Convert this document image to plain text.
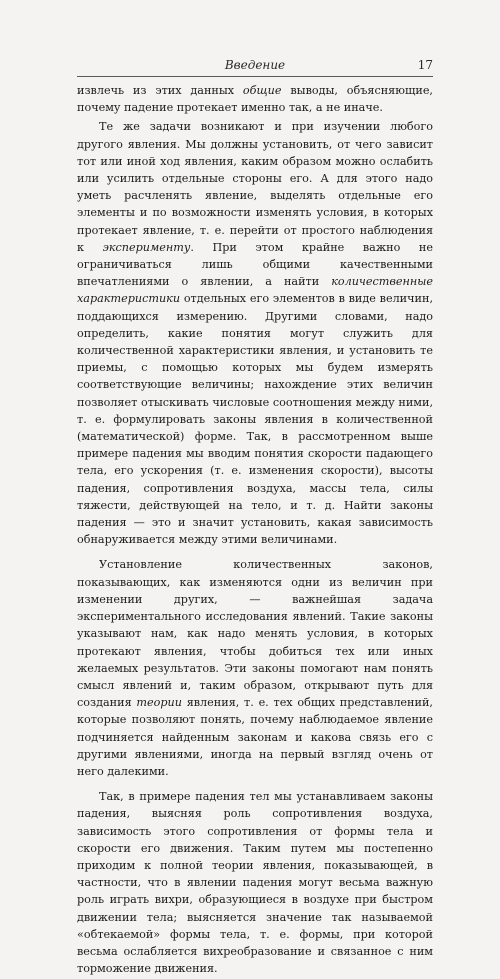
Введение	17

извлечь из этих данных общие выводы, объясняющие, почему падение протекает именно так, а не иначе.

Те же задачи возникают и при изучении любого другого явления. Мы должны установить, от чего зависит тот или иной ход явления, каким образом можно ослабить или усилить отдельные стороны его. А для этого надо уметь расчленять явление, выделять отдельные его элементы и по возможности изменять условия, в которых протекает явление, т. е. перейти от простого наблюдения к эксперименту. При этом крайне важно не ограничиваться лишь общими качественными впечатлениями о явлении, а найти количественные характеристики отдельных его элементов в виде величин, поддающихся измерению. Другими словами, надо определить, какие понятия могут служить для количественной характеристики явления, и установить те приемы, с помощью которых мы будем измерять соответствующие величины; нахождение этих величин позволяет отыскивать числовые соотношения между ними, т. е. формулировать законы явления в количественной (математической) форме. Так, в рассмотренном выше примере падения мы вводим понятия скорости падающего тела, его ускорения (т. е. изменения скорости), высоты падения, сопротивления воздуха, массы тела, силы тяжести, действующей на тело, и т. д. Найти законы падения — это и значит установить, какая зависимость обнаруживается между этими величинами.

Установление количественных законов, показывающих, как изменяются одни из величин при изменении других, — важнейшая задача экспериментального исследования явлений. Такие законы указывают нам, как надо менять условия, в которых протекают явления, чтобы добиться тех или иных желаемых результатов. Эти законы помогают нам понять смысл явлений и, таким образом, открывают путь для создания теории явления, т. е. тех общих представлений, которые позволяют понять, почему наблюдаемое явление подчиняется найденным законам и какова связь его с другими явлениями, иногда на первый взгляд очень от него далекими.

Так, в примере падения тел мы устанавливаем законы падения, выясняя роль сопротивления воздуха, зависимость этого сопротивления от формы тела и скорости его движения. Таким путем мы постепенно приходим к полной теории явления, показывающей, в частности, что в явлении падения могут весьма важную роль играть вихри, образующиеся в воздухе при быстром движении тела; выясняется значение так называемой «обтекаемой» формы тела, т. е. формы, при которой весьма ослабляется вихреобразование и связанное с ним торможение движения.
